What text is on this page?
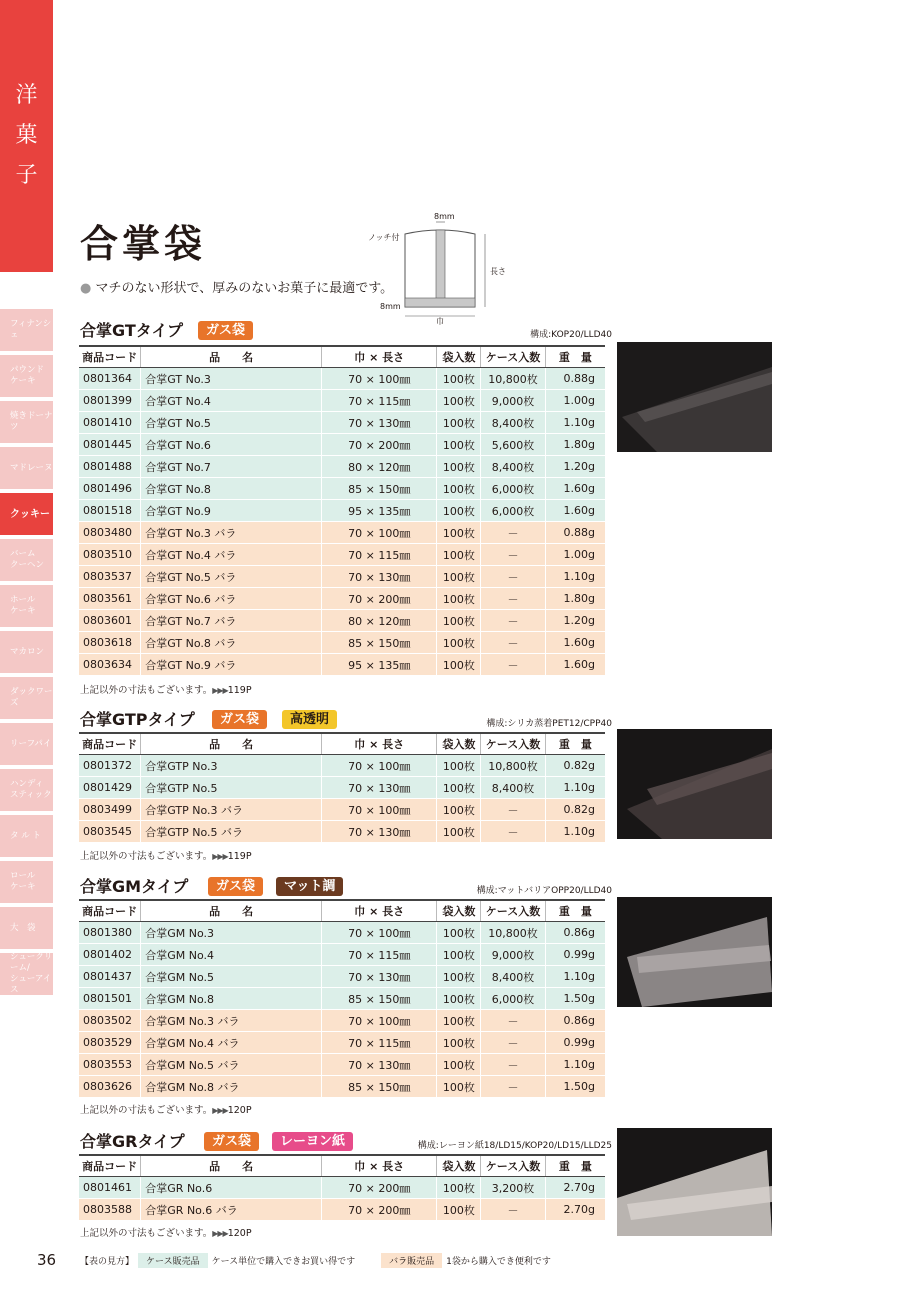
洋
菓
子
フィナンシェ
パウンド
ケーキ
焼きドーナツ
マドレーヌ
クッキー
バーム
クーヘン
ホール
ケーキ
マカロン
ダックワーズ
リーフパイ
ハンディ
スティック
タ ル ト
ロール
ケーキ
大　袋
シュークリーム/
シューアイス
合掌袋
● マチのない形状で、厚みのないお菓子に最適です。
8mm
ノッチ付
長さ
8mm
巾
合掌GTタイプ	ガス袋	構成:KOP20/LLD40
商品コード	品　　名	巾 × 長さ	袋入数	ケース入数	重　量
0801364	合掌GT No.3	70 × 100㎜	100枚	10,800枚	0.88g
0801399	合掌GT No.4	70 × 115㎜	100枚	9,000枚	1.00g
0801410	合掌GT No.5	70 × 130㎜	100枚	8,400枚	1.10g
0801445	合掌GT No.6	70 × 200㎜	100枚	5,600枚	1.80g
0801488	合掌GT No.7	80 × 120㎜	100枚	8,400枚	1.20g
0801496	合掌GT No.8	85 × 150㎜	100枚	6,000枚	1.60g
0801518	合掌GT No.9	95 × 135㎜	100枚	6,000枚	1.60g
0803480	合掌GT No.3 バラ	70 × 100㎜	100枚	－	0.88g
0803510	合掌GT No.4 バラ	70 × 115㎜	100枚	－	1.00g
0803537	合掌GT No.5 バラ	70 × 130㎜	100枚	－	1.10g
0803561	合掌GT No.6 バラ	70 × 200㎜	100枚	－	1.80g
0803601	合掌GT No.7 バラ	80 × 120㎜	100枚	－	1.20g
0803618	合掌GT No.8 バラ	85 × 150㎜	100枚	－	1.60g
0803634	合掌GT No.9 バラ	95 × 135㎜	100枚	－	1.60g
上記以外の寸法もございます。▶▶▶119P
合掌GTPタイプ	ガス袋	高透明	構成:シリカ蒸着PET12/CPP40
商品コード	品　　名	巾 × 長さ	袋入数	ケース入数	重　量
0801372	合掌GTP No.3	70 × 100㎜	100枚	10,800枚	0.82g
0801429	合掌GTP No.5	70 × 130㎜	100枚	8,400枚	1.10g
0803499	合掌GTP No.3 バラ	70 × 100㎜	100枚	－	0.82g
0803545	合掌GTP No.5 バラ	70 × 130㎜	100枚	－	1.10g
上記以外の寸法もございます。▶▶▶119P
合掌GMタイプ	ガス袋	マット調	構成:マットバリアOPP20/LLD40
商品コード	品　　名	巾 × 長さ	袋入数	ケース入数	重　量
0801380	合掌GM No.3	70 × 100㎜	100枚	10,800枚	0.86g
0801402	合掌GM No.4	70 × 115㎜	100枚	9,000枚	0.99g
0801437	合掌GM No.5	70 × 130㎜	100枚	8,400枚	1.10g
0801501	合掌GM No.8	85 × 150㎜	100枚	6,000枚	1.50g
0803502	合掌GM No.3 バラ	70 × 100㎜	100枚	－	0.86g
0803529	合掌GM No.4 バラ	70 × 115㎜	100枚	－	0.99g
0803553	合掌GM No.5 バラ	70 × 130㎜	100枚	－	1.10g
0803626	合掌GM No.8 バラ	85 × 150㎜	100枚	－	1.50g
上記以外の寸法もございます。▶▶▶120P
合掌GRタイプ	ガス袋	レーヨン紙	構成:レーヨン紙18/LD15/KOP20/LD15/LLD25
商品コード	品　　名	巾 × 長さ	袋入数	ケース入数	重　量
0801461	合掌GR No.6	70 × 200㎜	100枚	3,200枚	2.70g
0803588	合掌GR No.6 バラ	70 × 200㎜	100枚	－	2.70g
上記以外の寸法もございます。▶▶▶120P
36	【表の見方】	ケース販売品	ケース単位で購入できお買い得です	バラ販売品	1袋から購入でき便利です
